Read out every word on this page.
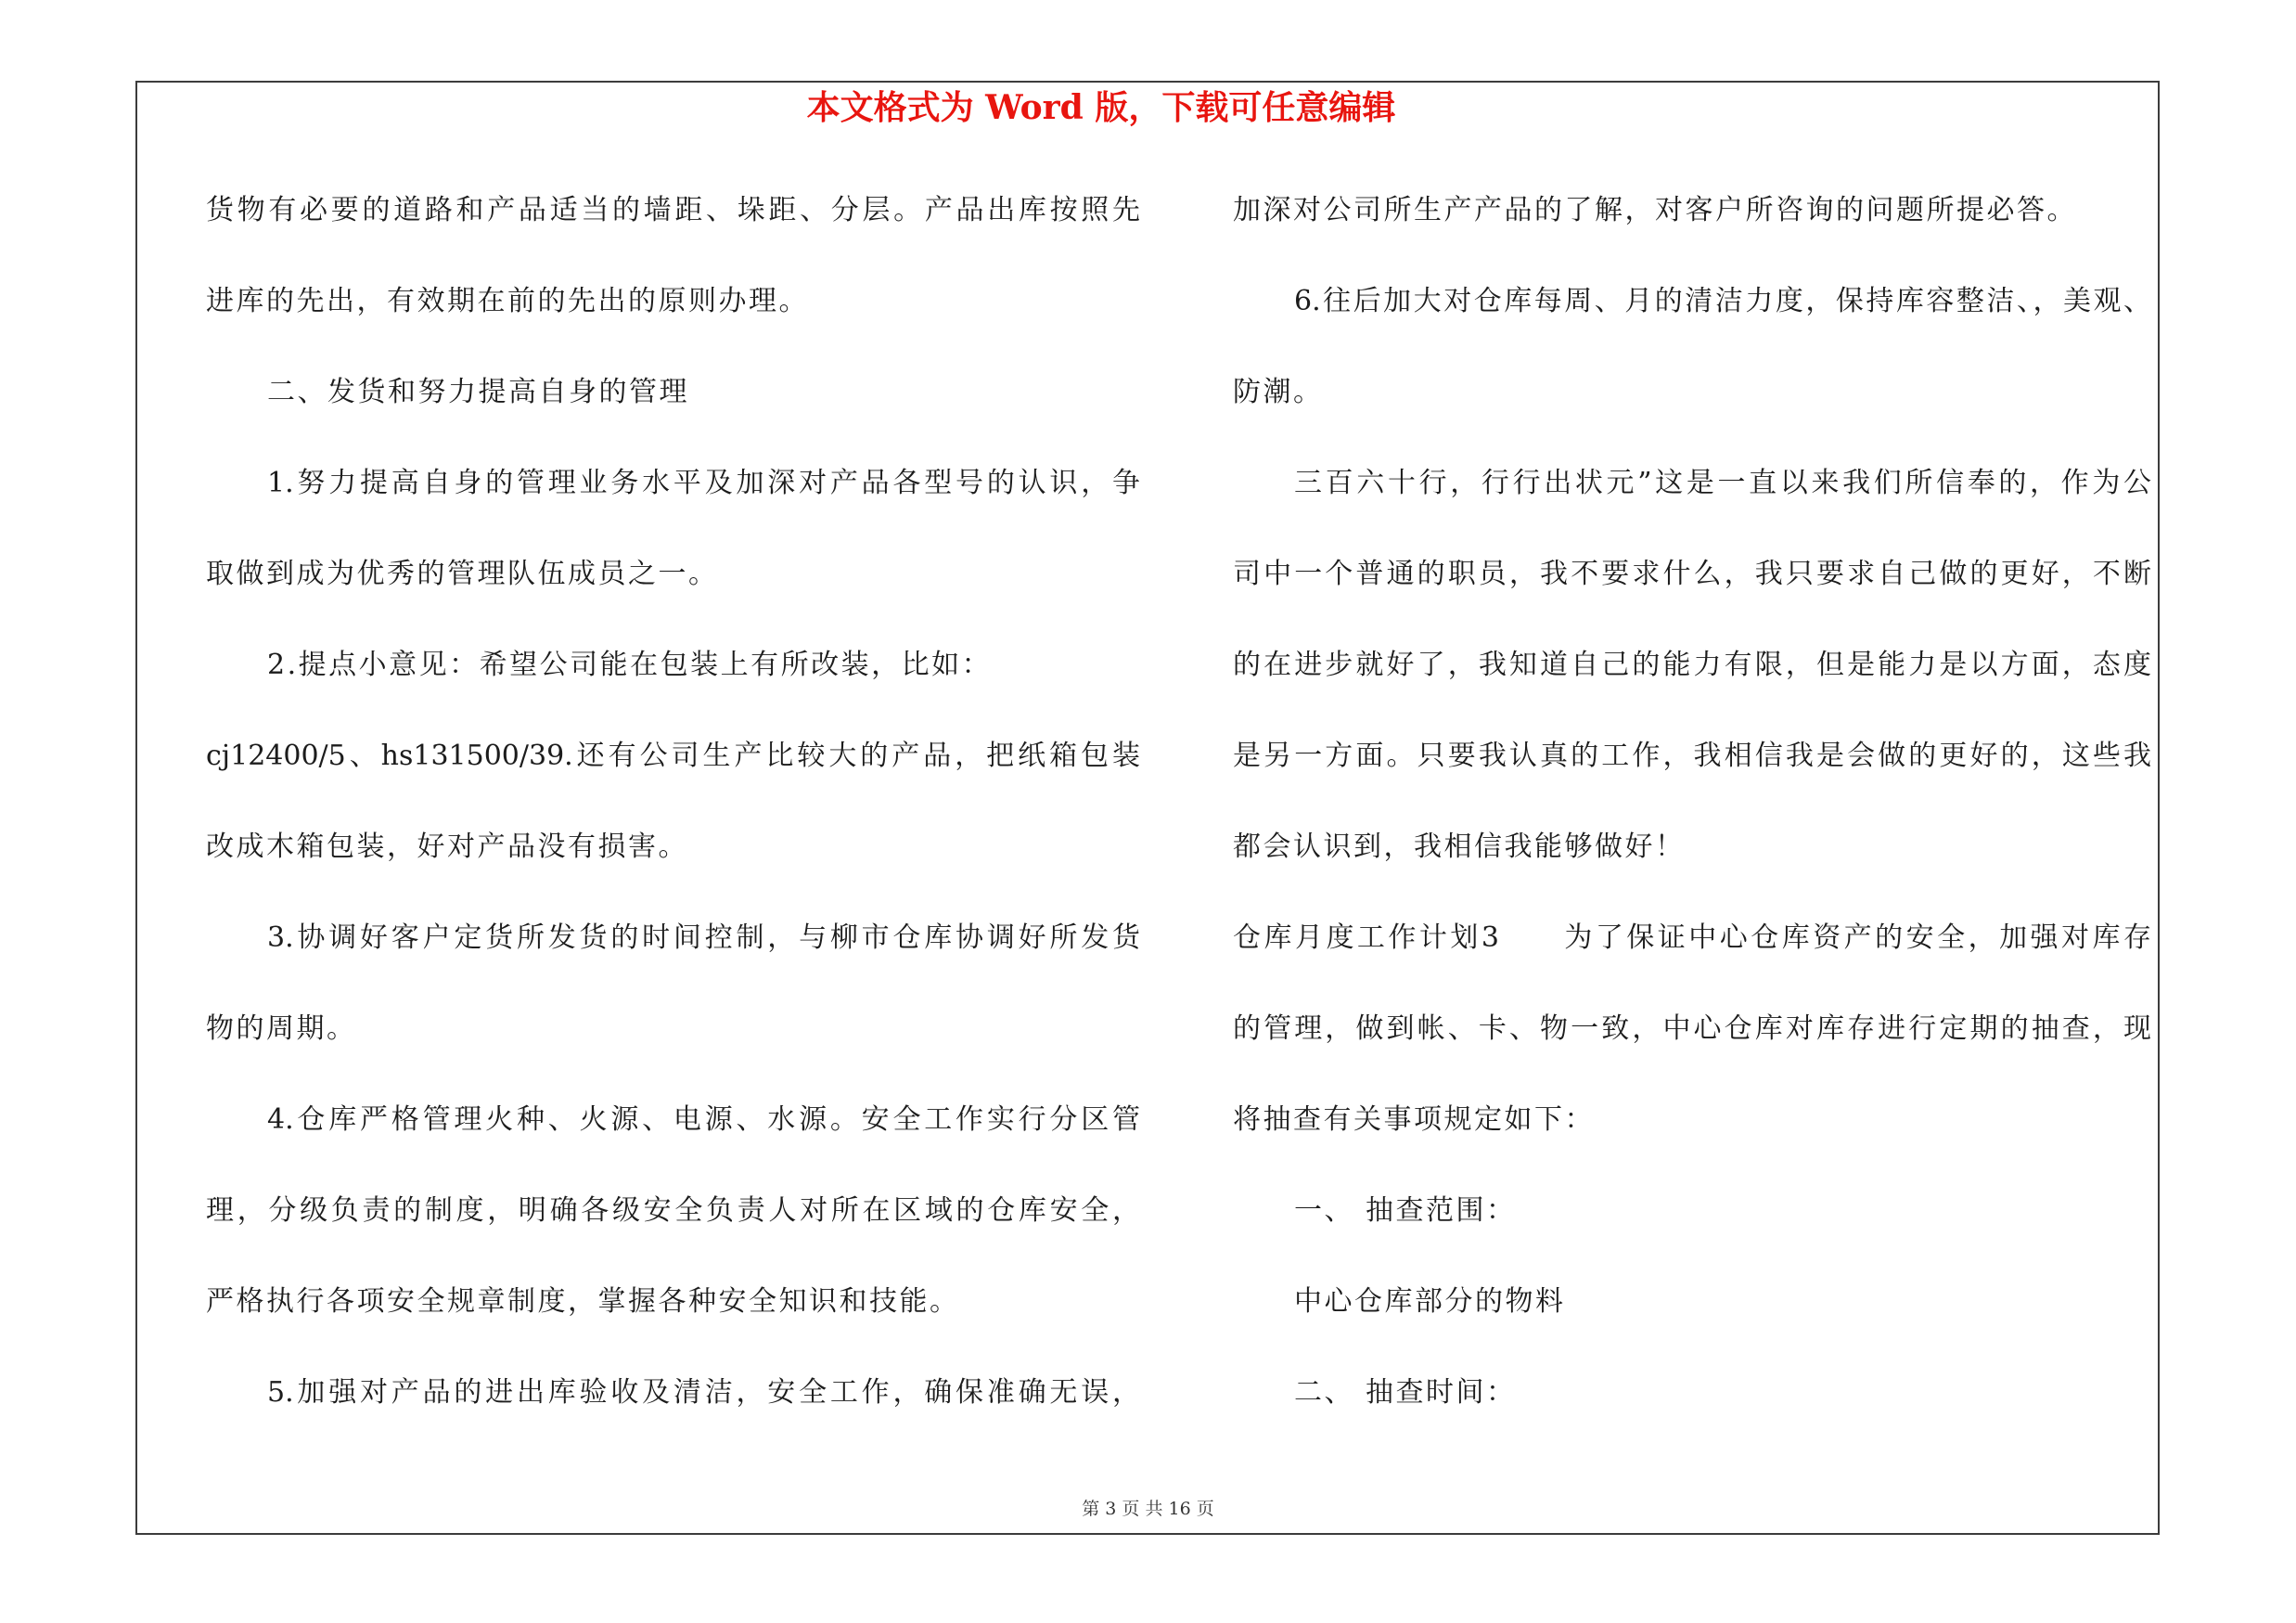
本文格式为 Word 版，下载可任意编辑
货物有必要的道路和产品适当的墙距、垛距、分层。产品出库按照先
进库的先出，有效期在前的先出的原则办理。
二、发货和努力提高自身的管理
1.努力提高自身的管理业务水平及加深对产品各型号的认识，争
取做到成为优秀的管理队伍成员之一。
2.提点小意见：希望公司能在包装上有所改装，比如：
cj12400/5、hs131500/39.还有公司生产比较大的产品，把纸箱包装
改成木箱包装，好对产品没有损害。
3.协调好客户定货所发货的时间控制，与柳市仓库协调好所发货
物的周期。
4.仓库严格管理火种、火源、电源、水源。安全工作实行分区管
理，分级负责的制度，明确各级安全负责人对所在区域的仓库安全，
严格执行各项安全规章制度，掌握各种安全知识和技能。
5.加强对产品的进出库验收及清洁，安全工作，确保准确无误，
加深对公司所生产产品的了解，对客户所咨询的问题所提必答。
6.往后加大对仓库每周、月的清洁力度，保持库容整洁、，美观、
防潮。
三百六十行，行行出状元”这是一直以来我们所信奉的，作为公
司中一个普通的职员，我不要求什么，我只要求自己做的更好，不断
的在进步就好了，我知道自己的能力有限，但是能力是以方面，态度
是另一方面。只要我认真的工作，我相信我是会做的更好的，这些我
都会认识到，我相信我能够做好！
仓库月度工作计划3　　为了保证中心仓库资产的安全，加强对库存
的管理，做到帐、卡、物一致，中心仓库对库存进行定期的抽查，现
将抽查有关事项规定如下：
一、 抽查范围：
中心仓库部分的物料
二、 抽查时间：
第 3 页 共 16 页
